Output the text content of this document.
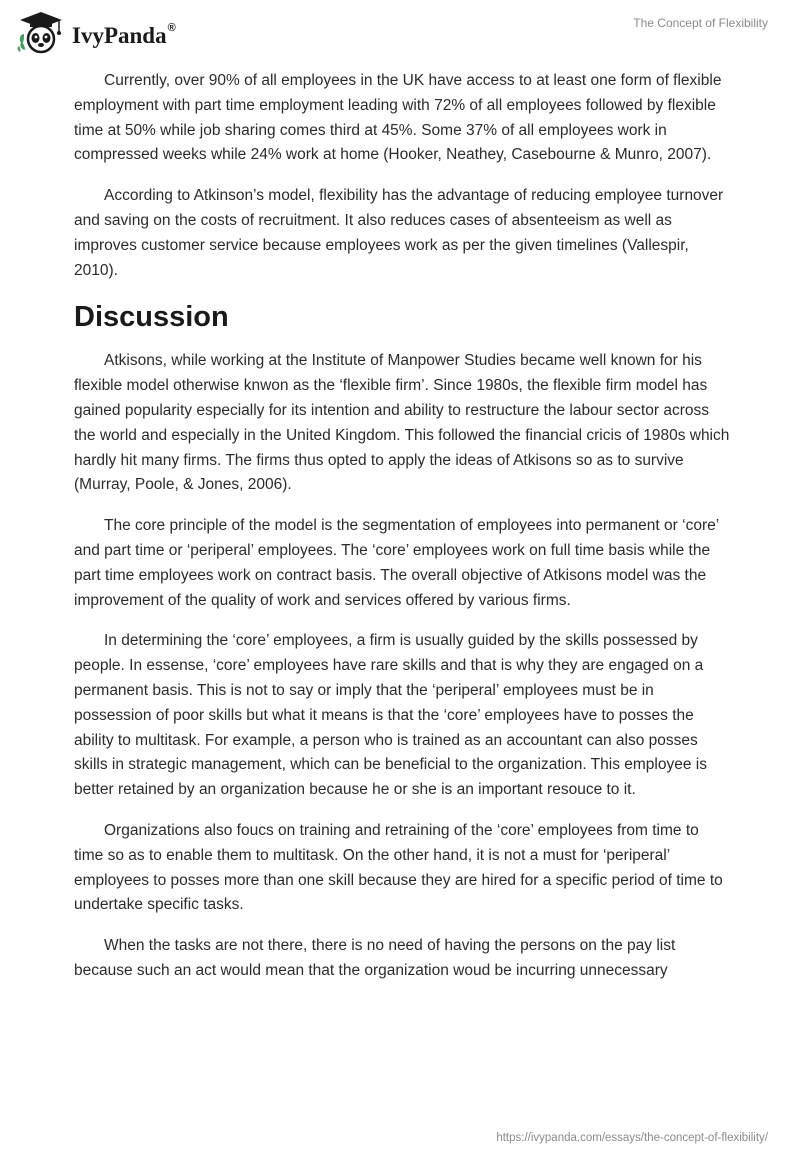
IvyPanda®	The Concept of Flexibility

Currently, over 90% of all employees in the UK have access to at least one form of flexible employment with part time employment leading with 72% of all employees followed by flexible time at 50% while job sharing comes third at 45%. Some 37% of all employees work in compressed weeks while 24% work at home (Hooker, Neathey, Casebourne & Munro, 2007).

According to Atkinson’s model, flexibility has the advantage of reducing employee turnover and saving on the costs of recruitment. It also reduces cases of absenteeism as well as improves customer service because employees work as per the given timelines (Vallespir, 2010).

Discussion

Atkisons, while working at the Institute of Manpower Studies became well known for his flexible model otherwise knwon as the ‘flexible firm’. Since 1980s, the flexible firm model has gained popularity especially for its intention and ability to restructure the labour sector across the world and especially in the United Kingdom. This followed the financial cricis of 1980s which hardly hit many firms. The firms thus opted to apply the ideas of Atkisons so as to survive (Murray, Poole, & Jones, 2006).

The core principle of the model is the segmentation of employees into permanent or ‘core’ and part time or ‘periperal’ employees. The ‘core’ employees work on full time basis while the part time employees work on contract basis. The overall objective of Atkisons model was the improvement of the quality of work and services offered by various firms.

In determining the ‘core’ employees, a firm is usually guided by the skills possessed by people. In essense, ‘core’ employees have rare skills and that is why they are engaged on a permanent basis. This is not to say or imply that the ‘periperal’ employees must be in possession of poor skills but what it means is that the ‘core’ employees have to posses the ability to multitask. For example, a person who is trained as an accountant can also posses skills in strategic management, which can be beneficial to the organization. This employee is better retained by an organization because he or she is an important resouce to it.

Organizations also foucs on training and retraining of the ‘core’ employees from time to time so as to enable them to multitask. On the other hand, it is not a must for ‘periperal’ employees to posses more than one skill because they are hired for a specific period of time to undertake specific tasks.

When the tasks are not there, there is no need of having the persons on the pay list because such an act would mean that the organization woud be incurring unnecessary

https://ivypanda.com/essays/the-concept-of-flexibility/
